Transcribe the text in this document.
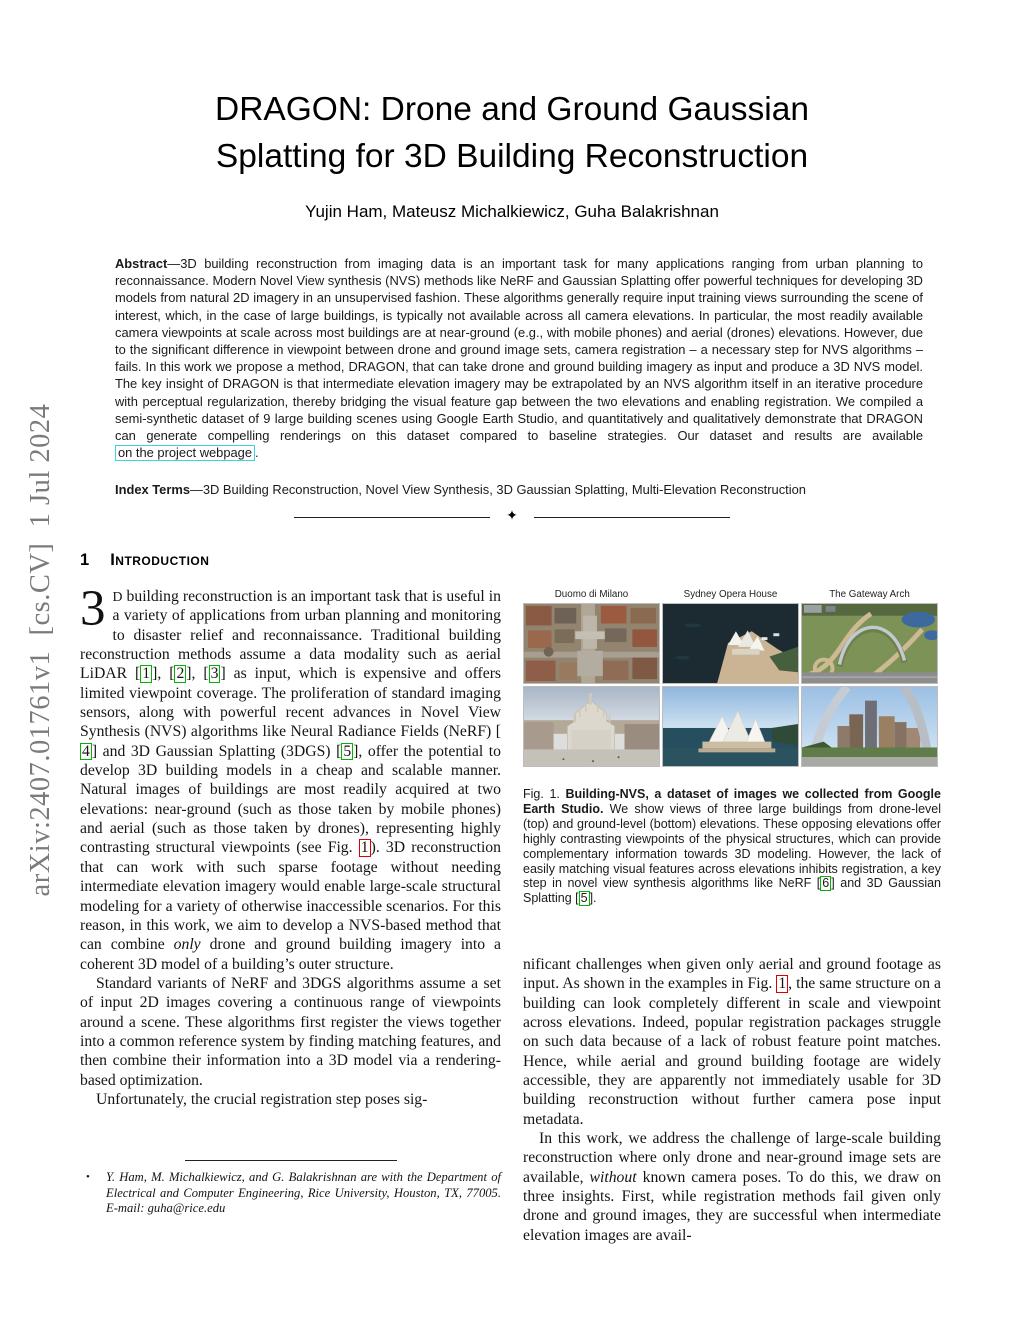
arXiv:2407.01761v1  [cs.CV]  1 Jul 2024
DRAGON: Drone and Ground Gaussian
Splatting for 3D Building Reconstruction
Yujin Ham, Mateusz Michalkiewicz, Guha Balakrishnan
Abstract—3D building reconstruction from imaging data is an important task for many applications ranging from urban planning to reconnaissance. Modern Novel View synthesis (NVS) methods like NeRF and Gaussian Splatting offer powerful techniques for developing 3D models from natural 2D imagery in an unsupervised fashion. These algorithms generally require input training views surrounding the scene of interest, which, in the case of large buildings, is typically not available across all camera elevations. In particular, the most readily available camera viewpoints at scale across most buildings are at near-ground (e.g., with mobile phones) and aerial (drones) elevations. However, due to the significant difference in viewpoint between drone and ground image sets, camera registration – a necessary step for NVS algorithms – fails. In this work we propose a method, DRAGON, that can take drone and ground building imagery as input and produce a 3D NVS model. The key insight of DRAGON is that intermediate elevation imagery may be extrapolated by an NVS algorithm itself in an iterative procedure with perceptual regularization, thereby bridging the visual feature gap between the two elevations and enabling registration. We compiled a semi-synthetic dataset of 9 large building scenes using Google Earth Studio, and quantitatively and qualitatively demonstrate that DRAGON can generate compelling renderings on this dataset compared to baseline strategies. Our dataset and results are available on the project webpage .
Index Terms—3D Building Reconstruction, Novel View Synthesis, 3D Gaussian Splatting, Multi-Elevation Reconstruction
✦
1 Introduction

3 D building reconstruction is an important task that is useful in a variety of applications from urban planning and monitoring to disaster relief and reconnaissance. Traditional building reconstruction methods assume a data modality such as aerial LiDAR [ 1 ], [ 2 ], [ 3 ] as input, which is expensive and offers limited viewpoint coverage. The proliferation of standard imaging sensors, along with powerful recent advances in Novel View Synthesis (NVS) algorithms like Neural Radiance Fields (NeRF) [4 ] and 3D Gaussian Splatting (3DGS) [ 5 ], offer the potential to develop 3D building models in a cheap and scalable manner. Natural images of buildings are most readily acquired at two elevations: near-ground (such as those taken by mobile phones) and aerial (such as those taken by drones), representing highly contrasting structural viewpoints (see Fig. 1 ). 3D reconstruction that can work with such sparse footage without needing intermediate elevation imagery would enable large-scale structural modeling for a variety of otherwise inaccessible scenarios. For this reason, in this work, we aim to develop a NVS-based method that can combine only drone and ground building imagery into a coherent 3D model of a building’s outer structure.

Standard variants of NeRF and 3DGS algorithms assume a set of input 2D images covering a continuous range of viewpoints around a scene. These algorithms first register the views together into a common reference system by finding matching features, and then combine their information into a 3D model via a rendering-based optimization.

Unfortunately, the crucial registration step poses sig-

Duomo di Milano	Sydney Opera House	The Gateway Arch
Fig. 1. Building-NVS, a dataset of images we collected from Google Earth Studio. We show views of three large buildings from drone-level (top) and ground-level (bottom) elevations. These opposing elevations offer highly contrasting viewpoints of the physical structures, which can provide complementary information towards 3D modeling. However, the lack of easily matching visual features across elevations inhibits registration, a key step in novel view synthesis algorithms like NeRF [ 6 ] and 3D Gaussian Splatting [ 5 ].

nificant challenges when given only aerial and ground footage as input. As shown in the examples in Fig. 1 , the same structure on a building can look completely different in scale and viewpoint across elevations. Indeed, popular registration packages struggle on such data because of a lack of robust feature point matches. Hence, while aerial and ground building footage are widely accessible, they are apparently not immediately usable for 3D building reconstruction without further camera pose input metadata.

In this work, we address the challenge of large-scale building reconstruction where only drone and near-ground image sets are available, without known camera poses. To do this, we draw on three insights. First, while registration methods fail given only drone and ground images, they are successful when intermediate elevation images are avail-

•	Y. Ham, M. Michalkiewicz, and G. Balakrishnan are with the Department of Electrical and Computer Engineering, Rice University, Houston, TX, 77005. E-mail: guha@rice.edu
